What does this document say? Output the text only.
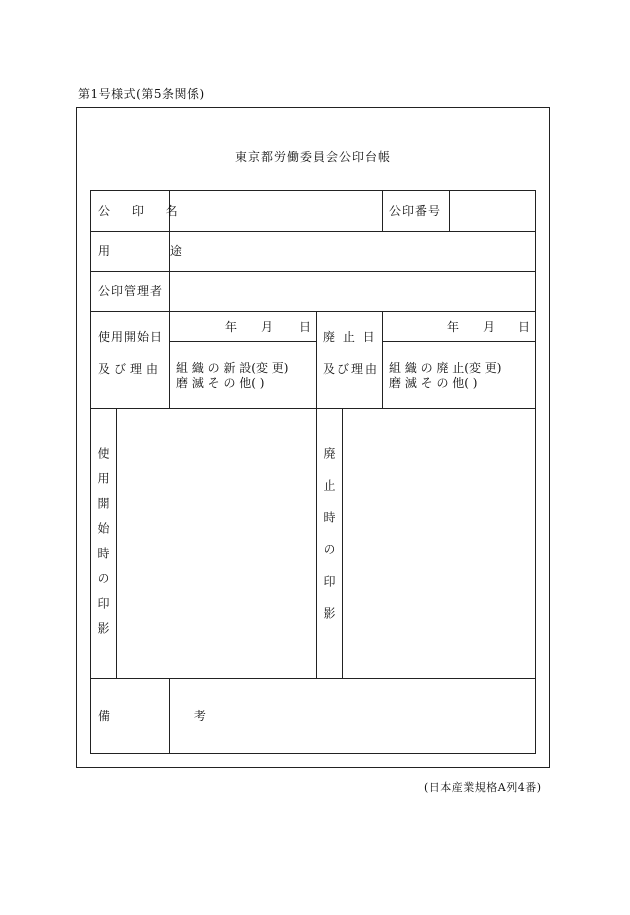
第1号様式(第5条関係)
東京都労働委員会公印台帳
公 印 名	公印番号
用 途
公印管理者
使用開始日
及び理由
年 月 日
組 織 の 新 設(変 更)
磨 滅 そ の 他( )
廃 止 日
及び理由
年 月 日
組 織 の 廃 止(変 更)
磨 滅 そ の 他( )
使用開始時の印影	廃止時の印影
備 考
(日本産業規格A列4番)
